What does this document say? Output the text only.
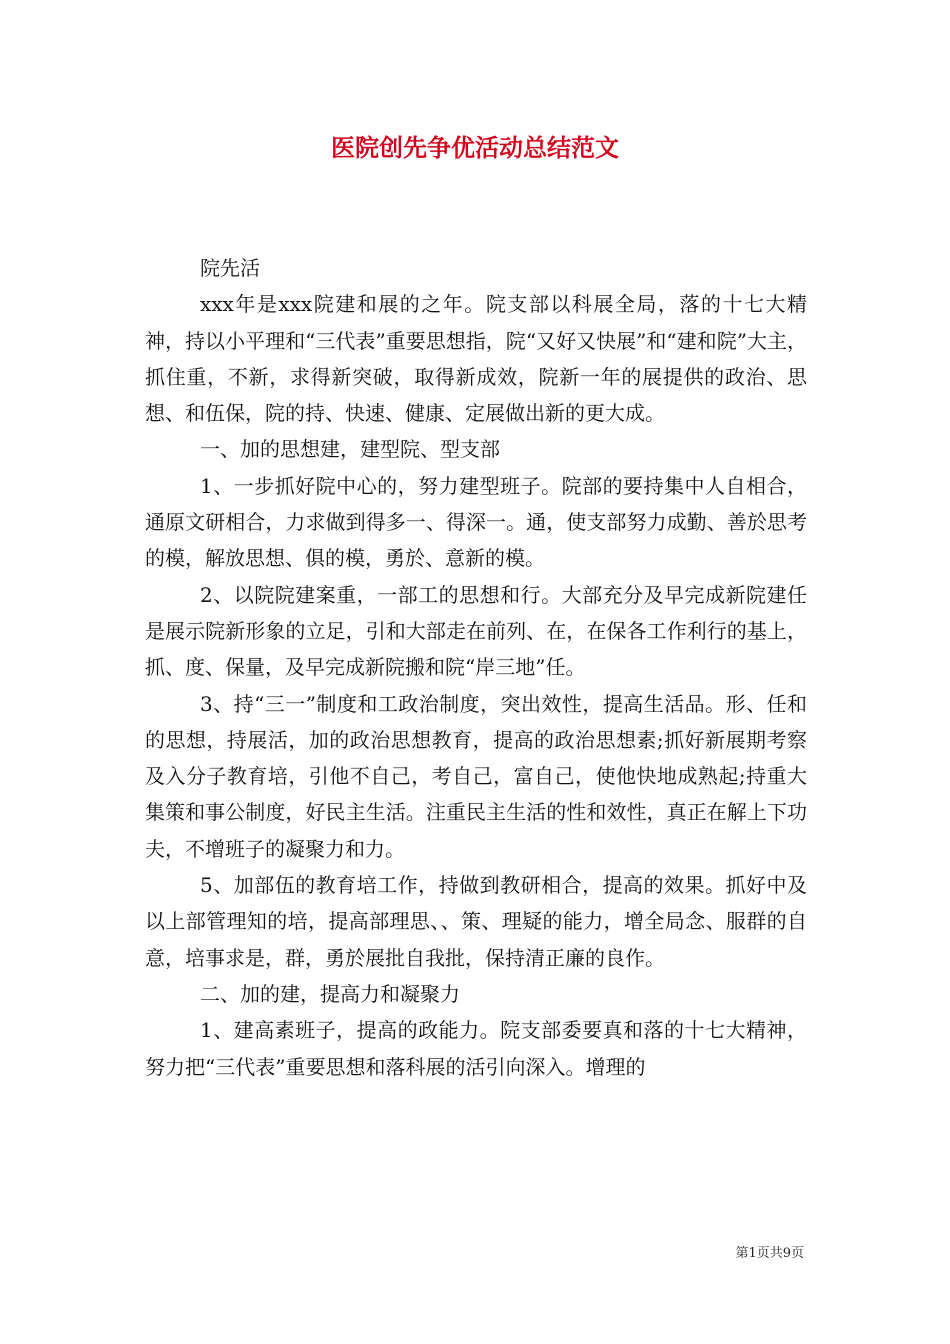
医院创先争优活动总结范文

院先活

xxx年是xxx院建和展的之年。院支部以科展全局，落的十七大精神，持以小平理和“三代表”重要思想指，院“又好又快展”和“建和院”大主，抓住重，不新，求得新突破，取得新成效，院新一年的展提供的政治、思想、和伍保，院的持、快速、健康、定展做出新的更大成。

一、加的思想建，建型院、型支部

1、一步抓好院中心的，努力建型班子。院部的要持集中人自相合，通原文研相合，力求做到得多一、得深一。通，使支部努力成勤、善於思考的模，解放思想、俱的模，勇於、意新的模。

2、以院院建案重，一部工的思想和行。大部充分及早完成新院建任是展示院新形象的立足，引和大部走在前列、在，在保各工作利行的基上，抓、度、保量，及早完成新院搬和院“岸三地”任。

3、持“三一”制度和工政治制度，突出效性，提高生活品。形、任和的思想，持展活，加的政治思想教育，提高的政治思想素;抓好新展期考察及入分子教育培，引他不自己，考自己，富自己，使他快地成熟起;持重大集策和事公制度，好民主生活。注重民主生活的性和效性，真正在解上下功夫，不增班子的凝聚力和力。

5、加部伍的教育培工作，持做到教研相合，提高的效果。抓好中及以上部管理知的培，提高部理思、、策、理疑的能力，增全局念、服群的自意，培事求是，群，勇於展批自我批，保持清正廉的良作。

二、加的建，提高力和凝聚力

1、建高素班子，提高的政能力。院支部委要真和落的十七大精神，努力把“三代表”重要思想和落科展的活引向深入。增理的

第1页共9页
